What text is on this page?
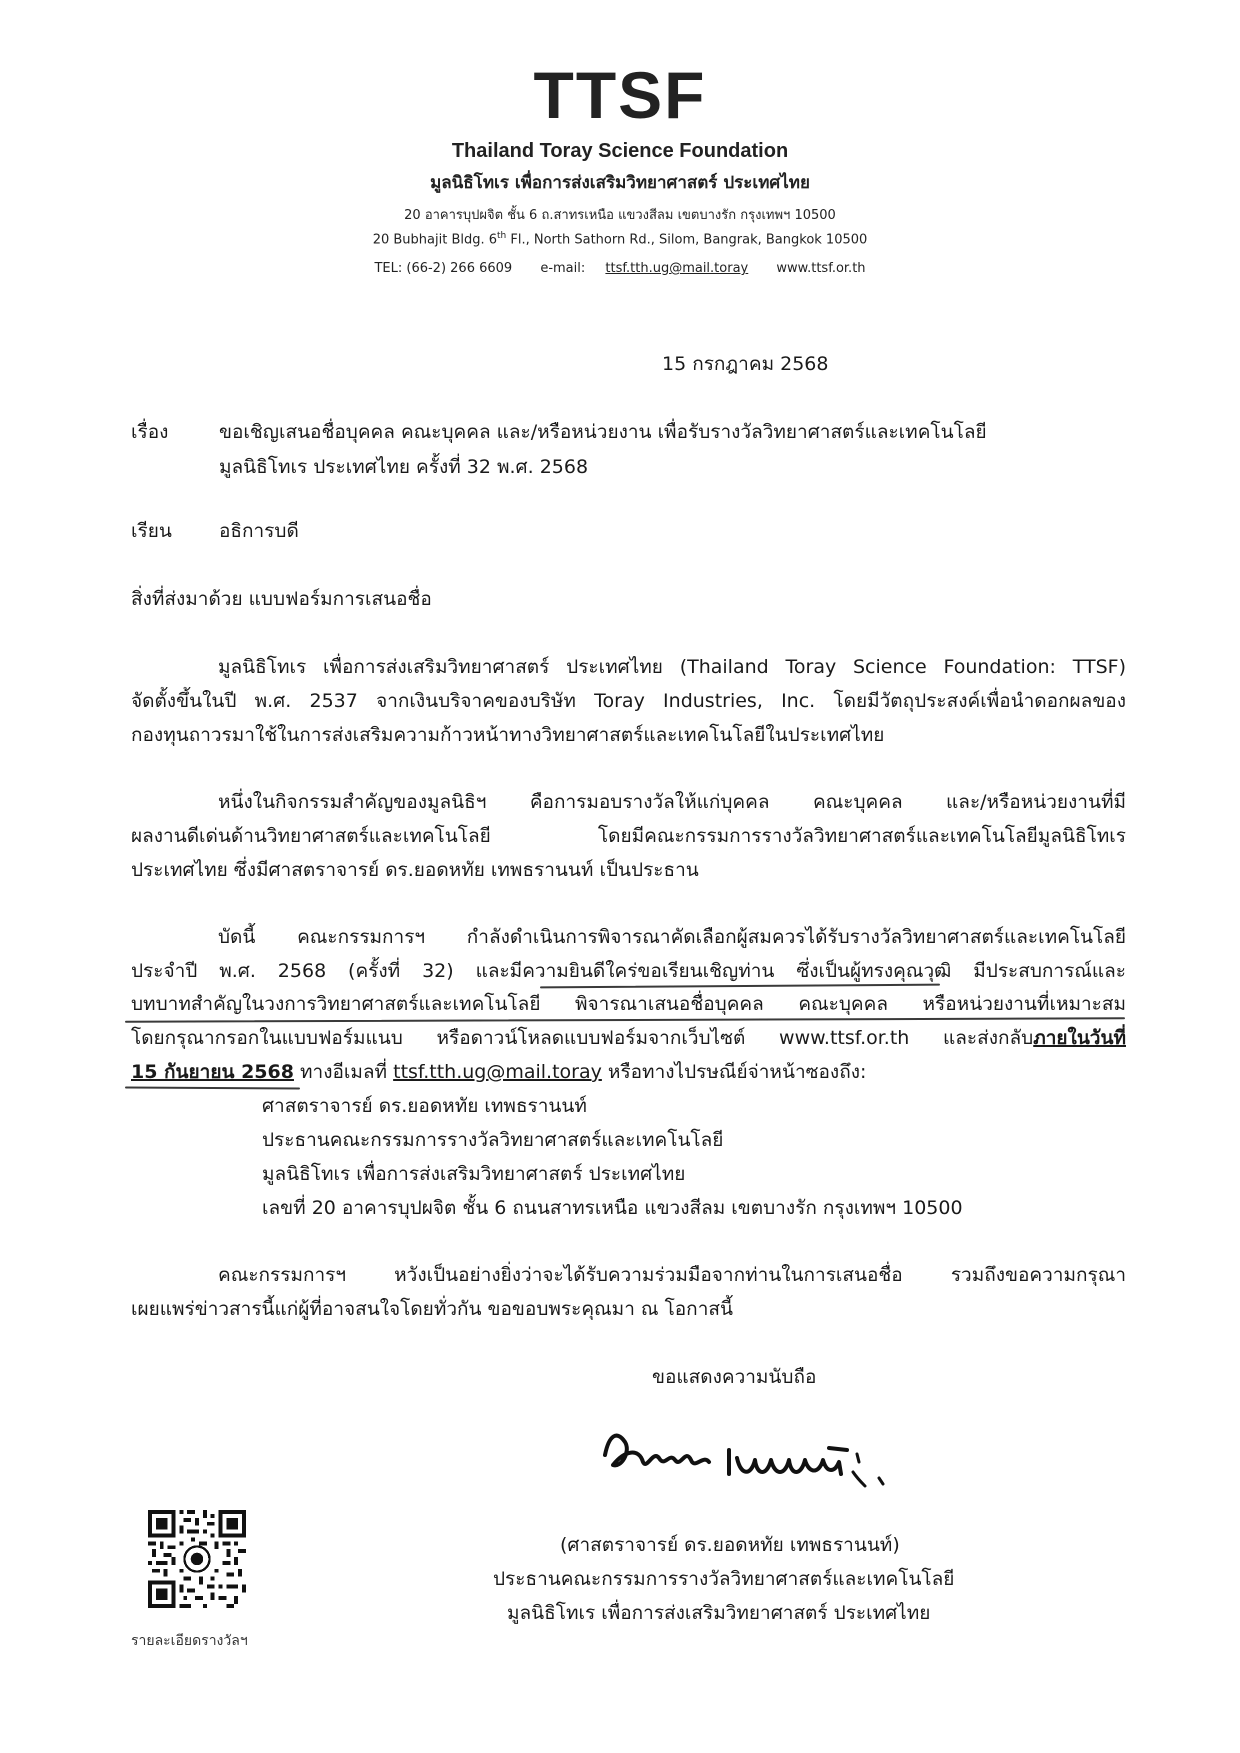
TTSF
Thailand Toray Science Foundation
มูลนิธิโทเร เพื่อการส่งเสริมวิทยาศาสตร์ ประเทศไทย
20 อาคารบุปผจิต ชั้น 6 ถ.สาทรเหนือ แขวงสีลม เขตบางรัก กรุงเทพฯ 10500
20 Bubhajit Bldg. 6th Fl., North Sathorn Rd., Silom, Bangrak, Bangkok 10500
TEL: (66-2) 266 6609 e-mail: ttsf.tth.ug@mail.toray www.ttsf.or.th
15 กรกฎาคม 2568
เรื่อง	ขอเชิญเสนอชื่อบุคคล คณะบุคคล และ/หรือหน่วยงาน เพื่อรับรางวัลวิทยาศาสตร์และเทคโนโลยี
มูลนิธิโทเร ประเทศไทย ครั้งที่ 32 พ.ศ. 2568
เรียน อธิการบดี
สิ่งที่ส่งมาด้วย แบบฟอร์มการเสนอชื่อ
มูลนิธิโทเร เพื่อการส่งเสริมวิทยาศาสตร์ ประเทศไทย (Thailand Toray Science Foundation: TTSF)
จัดตั้งขึ้นในปี พ.ศ. 2537 จากเงินบริจาคของบริษัท Toray Industries, Inc. โดยมีวัตถุประสงค์เพื่อนำดอกผลของ
กองทุนถาวรมาใช้ในการส่งเสริมความก้าวหน้าทางวิทยาศาสตร์และเทคโนโลยีในประเทศไทย
หนึ่งในกิจกรรมสำคัญของมูลนิธิฯ คือการมอบรางวัลให้แก่บุคคล คณะบุคคล และ/หรือหน่วยงานที่มี
ผลงานดีเด่นด้านวิทยาศาสตร์และเทคโนโลยี โดยมีคณะกรรมการรางวัลวิทยาศาสตร์และเทคโนโลยีมูลนิธิโทเร
ประเทศไทย ซึ่งมีศาสตราจารย์ ดร.ยอดหทัย เทพธรานนท์ เป็นประธาน
บัดนี้ คณะกรรมการฯ กำลังดำเนินการพิจารณาคัดเลือกผู้สมควรได้รับรางวัลวิทยาศาสตร์และเทคโนโลยี
ประจำปี พ.ศ. 2568 (ครั้งที่ 32) และมีความยินดีใคร่ขอเรียนเชิญท่าน ซึ่งเป็นผู้ทรงคุณวุฒิ มีประสบการณ์และ
บทบาทสำคัญในวงการวิทยาศาสตร์และเทคโนโลยี พิจารณาเสนอชื่อบุคคล คณะบุคคล หรือหน่วยงานที่เหมาะสม
โดยกรุณากรอกในแบบฟอร์มแนบ หรือดาวน์โหลดแบบฟอร์มจากเว็บไซต์ www.ttsf.or.th และส่งกลับภายในวันที่
15 กันยายน 2568 ทางอีเมลที่ ttsf.tth.ug@mail.toray หรือทางไปรษณีย์จ่าหน้าซองถึง:
ศาสตราจารย์ ดร.ยอดหทัย เทพธรานนท์
ประธานคณะกรรมการรางวัลวิทยาศาสตร์และเทคโนโลยี
มูลนิธิโทเร เพื่อการส่งเสริมวิทยาศาสตร์ ประเทศไทย
เลขที่ 20 อาคารบุปผจิต ชั้น 6 ถนนสาทรเหนือ แขวงสีลม เขตบางรัก กรุงเทพฯ 10500
คณะกรรมการฯ หวังเป็นอย่างยิ่งว่าจะได้รับความร่วมมือจากท่านในการเสนอชื่อ รวมถึงขอความกรุณา
เผยแพร่ข่าวสารนี้แก่ผู้ที่อาจสนใจโดยทั่วกัน ขอขอบพระคุณมา ณ โอกาสนี้
ขอแสดงความนับถือ
(ศาสตราจารย์ ดร.ยอดหทัย เทพธรานนท์)
ประธานคณะกรรมการรางวัลวิทยาศาสตร์และเทคโนโลยี
มูลนิธิโทเร เพื่อการส่งเสริมวิทยาศาสตร์ ประเทศไทย
รายละเอียดรางวัลฯ
